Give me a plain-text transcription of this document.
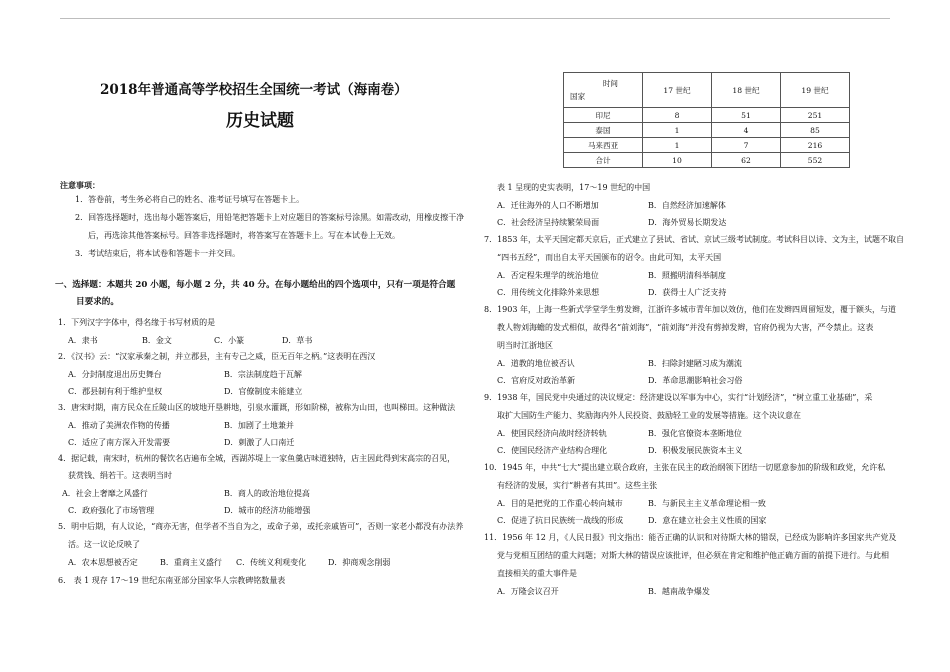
2018年普通高等学校招生全国统一考试（海南卷）
历史试题
注意事项：
1．答卷前，考生务必将自己的姓名、准考证号填写在答题卡上。
2．回答选择题时，选出每小题答案后，用铅笔把答题卡上对应题目的答案标号涂黑。如需改动，用橡皮擦干净
后，再选涂其他答案标号。回答非选择题时，将答案写在答题卡上。写在本试卷上无效。
3．考试结束后，将本试卷和答题卡一并交回。
一、选择题：本题共 20 小题，每小题 2 分，共 40 分。在每小题给出的四个选项中，只有一项是符合题
目要求的。
1．下列汉字字体中，得名缘于书写材质的是
A．隶书	B．金文	C．小篆	D．草书
2．《汉书》云：“汉家承秦之制，并立郡县，主有专己之威，臣无百年之柄。”这表明在西汉
A．分封制度退出历史舞台	B．宗法制度趋于瓦解
C．郡县制有利于维护皇权	D．官僚制度未能建立
3．唐宋时期，南方民众在丘陵山区的坡地开垦耕地，引泉水灌溉，形如阶梯，被称为山田，也叫梯田。这种做法
A．推动了美洲农作物的传播	B．加剧了土地兼并
C．适应了南方深入开发需要	D．刺激了人口南迁
4．据记载，南宋时，杭州的餐饮名店遍布全城，西湖苏堤上一家鱼羹店味道独特，店主因此得到宋高宗的召见，
获赏钱、绢若干。这表明当时
A．社会上奢靡之风盛行	B．商人的政治地位提高
C．政府强化了市场管理	D．城市的经济功能增强
5．明中后期，有人议论，“商亦无害，但学者不当自为之，或命子弟，或托亲戚皆可”，否则一家老小都没有办法养
活。这一议论反映了
A．农本思想被否定	B．重商主义盛行 C．传统义利观变化	D．抑商观念削弱
6． 表 1 现存 17～19 世纪东南亚部分国家华人宗教碑铭数量表
时间
国家	17 世纪	18 世纪	19 世纪
印尼	8	51	251
泰国	1	4	85
马来西亚	1	7	216
合计	10	62	552
表 1 呈现的史实表明，17～19 世纪的中国
A．迁往海外的人口不断增加	B．自然经济加速解体
C．社会经济呈持续繁荣局面	D．海外贸易长期发达
7．1853 年，太平天国定都天京后，正式建立了县试、省试、京试三级考试制度。考试科目以诗、文为主，试题不取自
“四书五经”，而出自太平天国颁布的诏令。由此可知，太平天国
A．否定程朱理学的统治地位	B．照搬明清科举制度
C．用传统文化排除外来思想	D．获得士人广泛支持
8．1903 年，上海一些新式学堂学生剪发辫，江浙许多城市青年加以效仿，他们在发辫四周留短发，覆于额头，与道
教人物刘海蟾的发式相似，故得名“前刘海”，“前刘海”并没有剪掉发辫，官府仍视为大害，严令禁止。这表
明当时江浙地区
A．道教的地位被否认	B．扫除封建陋习成为潮流
C．官府反对政治革新	D．革命思潮影响社会习俗
9．1938 年，国民党中央通过的决议规定：经济建设以军事为中心，实行“计划经济”，“树立重工业基础”，采
取扩大国防生产能力、奖励海内外人民投资、鼓励轻工业的发展等措施。这个决议意在
A．使国民经济向战时经济转轨	B．强化官僚资本垄断地位
C．使国民经济产业结构合理化	D．积极发展民族资本主义
10．1945 年，中共“七大”提出建立联合政府，主张在民主的政治纲领下团结一切愿意参加的阶级和政党，允许私
有经济的发展，实行“耕者有其田”。这些主张
A．目的是把党的工作重心转向城市	B．与新民主主义革命理论相一致
C．促进了抗日民族统一战线的形成	D．意在建立社会主义性质的国家
11．1956 年 12 月，《人民日报》刊文指出：能否正确的认识和对待斯大林的错误，已经成为影响许多国家共产党及
党与党相互团结的重大问题；对斯大林的错误应该批评，但必须在肯定和维护他正确方面的前提下进行。与此相
直接相关的重大事件是
A．万隆会议召开	B．越南战争爆发
